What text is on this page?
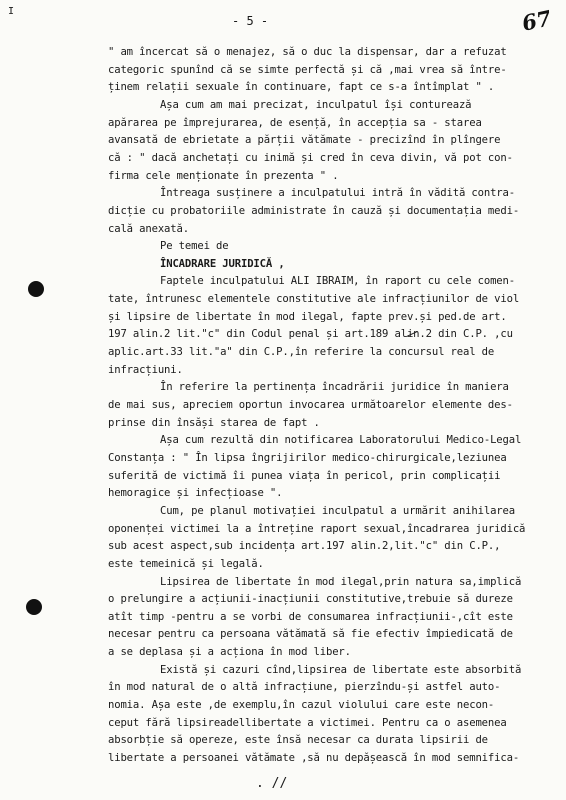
I
- 5 -	67
" am încercat să o menajez, să o duc la dispensar, dar a refuzat
categoric spunînd că se simte perfectă și că ,mai vrea să între-
ținem relații sexuale în continuare, fapt ce s-a întîmplat " .
Așa cum am mai precizat, inculpatul își conturează
apărarea pe împrejurarea, de esență, în accepția sa - starea
avansată de ebrietate a părții vătămate - precizînd în plîngere
că : " dacă anchetați cu inimă și cred în ceva divin, vă pot con-
firma cele menționate în prezenta " .
Întreaga susținere a inculpatului intră în vădită contra-
dicție cu probatoriile administrate în cauză și documentația medi-
cală anexată.
Pe temei de
ÎNCADRARE JURIDICĂ ,
Faptele inculpatului ALI IBRAIM, în raport cu cele comen-
tate, întrunesc elementele constitutive ale infracțiunilor de viol
și lipsire de libertate în mod ilegal, fapte prev.și ped.de art.
197 alin.2 lit."c" din Codul penal și art.189 alin.2 din C.P. ,cu
aplic.art.33 lit."a" din C.P.,în referire la concursul real de
infracțiuni.
În referire la pertinența încadrării juridice în maniera
de mai sus, apreciem oportun invocarea următoarelor elemente des-
prinse din însăși starea de fapt .
Așa cum rezultă din notificarea Laboratorului Medico-Legal
Constanța : " În lipsa îngrijirilor medico-chirurgicale,leziunea
suferită de victimă îi punea viața în pericol, prin complicații
hemoragice și infecțioase ".
Cum, pe planul motivației inculpatul a urmărit anihilarea
oponenței victimei la a întreține raport sexual,încadrarea juridică
sub acest aspect,sub incidența art.197 alin.2,lit."c" din C.P.,
este temeinică și legală.
Lipsirea de libertate în mod ilegal,prin natura sa,implică
o prelungire a acțiunii-inacțiunii constitutive,trebuie să dureze
atît timp -pentru a se vorbi de consumarea infracțiunii-,cît este
necesar pentru ca persoana vătămată să fie efectiv împiedicată de
a se deplasa și a acționa în mod liber.
Există și cazuri cînd,lipsirea de libertate este absorbită
în mod natural de o altă infracțiune, pierzîndu-și astfel auto-
nomia. Așa este ,de exemplu,în cazul violului care este necon-
ceput fără lipsireadellibertate a victimei. Pentru ca o asemenea
absorbție să opereze, este însă necesar ca durata lipsirii de
libertate a persoanei vătămate ,să nu depășească în mod semnifica-
. //
